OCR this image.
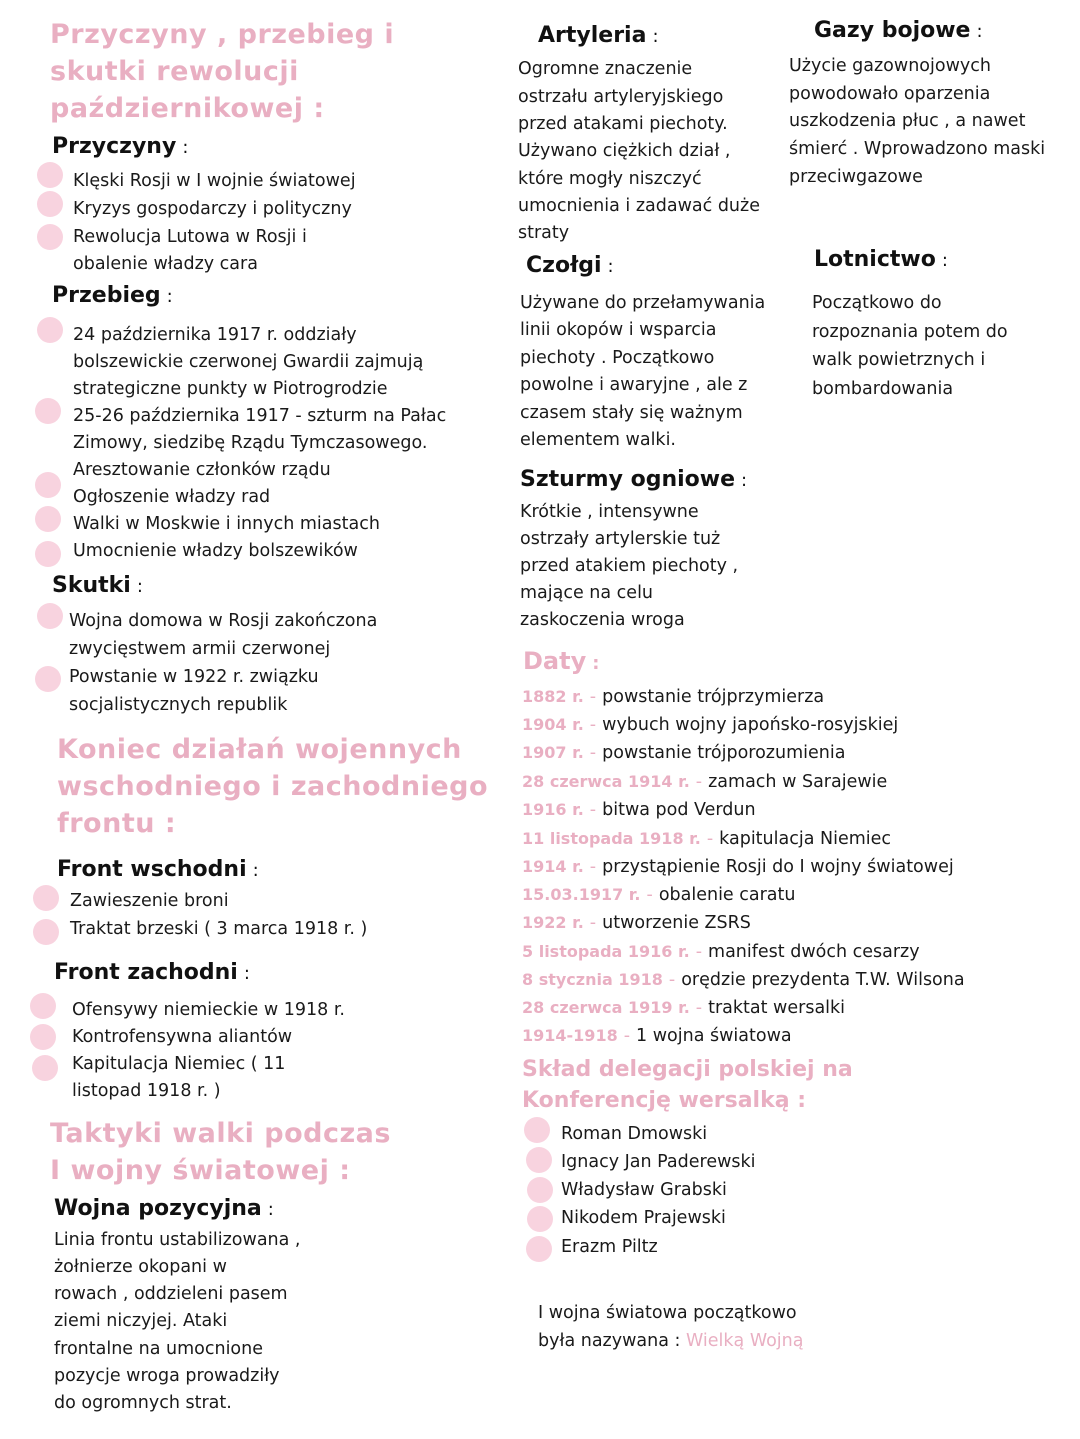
Przyczyny , przebieg i
skutki rewolucji
październikowej :
Przyczyny :
Klęski Rosji w I wojnie światowej
Kryzys gospodarczy i polityczny
Rewolucja Lutowa w Rosji i
obalenie władzy cara
Przebieg :
24 października 1917 r. oddziały
bolszewickie czerwonej Gwardii zajmują
strategiczne punkty w Piotrogrodzie
25-26 października 1917 - szturm na Pałac
Zimowy, siedzibę Rządu Tymczasowego.
Aresztowanie członków rządu
Ogłoszenie władzy rad
Walki w Moskwie i innych miastach
Umocnienie władzy bolszewików
Skutki :
Wojna domowa w Rosji zakończona
zwycięstwem armii czerwonej
Powstanie w 1922 r. związku
socjalistycznych republik
Koniec działań wojennych
wschodniego i zachodniego
frontu :
Front wschodni :
Zawieszenie broni
Traktat brzeski ( 3 marca 1918 r. )
Front zachodni :
Ofensywy niemieckie w 1918 r.
Kontrofensywna aliantów
Kapitulacja Niemiec ( 11
listopad 1918 r. )
Taktyki walki podczas
I wojny światowej :
Wojna pozycyjna :
Linia frontu ustabilizowana ,
żołnierze okopani w
rowach , oddzieleni pasem
ziemi niczyjej. Ataki
frontalne na umocnione
pozycje wroga prowadziły
do ogromnych strat.
Artyleria :
Ogromne znaczenie
ostrzału artyleryjskiego
przed atakami piechoty.
Używano ciężkich dział ,
które mogły niszczyć
umocnienia i zadawać duże
straty
Czołgi :
Używane do przełamywania
linii okopów i wsparcia
piechoty . Początkowo
powolne i awaryjne , ale z
czasem stały się ważnym
elementem walki.
Szturmy ogniowe :
Krótkie , intensywne
ostrzały artylerskie tuż
przed atakiem piechoty ,
mające na celu
zaskoczenia wroga
Daty :
1882 r. - powstanie trójprzymierza
1904 r. - wybuch wojny japońsko-rosyjskiej
1907 r. - powstanie trójporozumienia
28 czerwca 1914 r. - zamach w Sarajewie
1916 r. - bitwa pod Verdun
11 listopada 1918 r. - kapitulacja Niemiec
1914 r. - przystąpienie Rosji do I wojny światowej
15.03.1917 r. - obalenie caratu
1922 r. - utworzenie ZSRS
5 listopada 1916 r. - manifest dwóch cesarzy
8 stycznia 1918 - orędzie prezydenta T.W. Wilsona
28 czerwca 1919 r. - traktat wersalki
1914-1918 - 1 wojna światowa
Skład delegacji polskiej na
Konferencję wersalką :
Roman Dmowski
Ignacy Jan Paderewski
Władysław Grabski
Nikodem Prajewski
Erazm Piltz
I wojna światowa początkowo
była nazywana : Wielką Wojną
Gazy bojowe :
Użycie gazownojowych
powodowało oparzenia
uszkodzenia płuc , a nawet
śmierć . Wprowadzono maski
przeciwgazowe
Lotnictwo :
Początkowo do
rozpoznania potem do
walk powietrznych i
bombardowania
